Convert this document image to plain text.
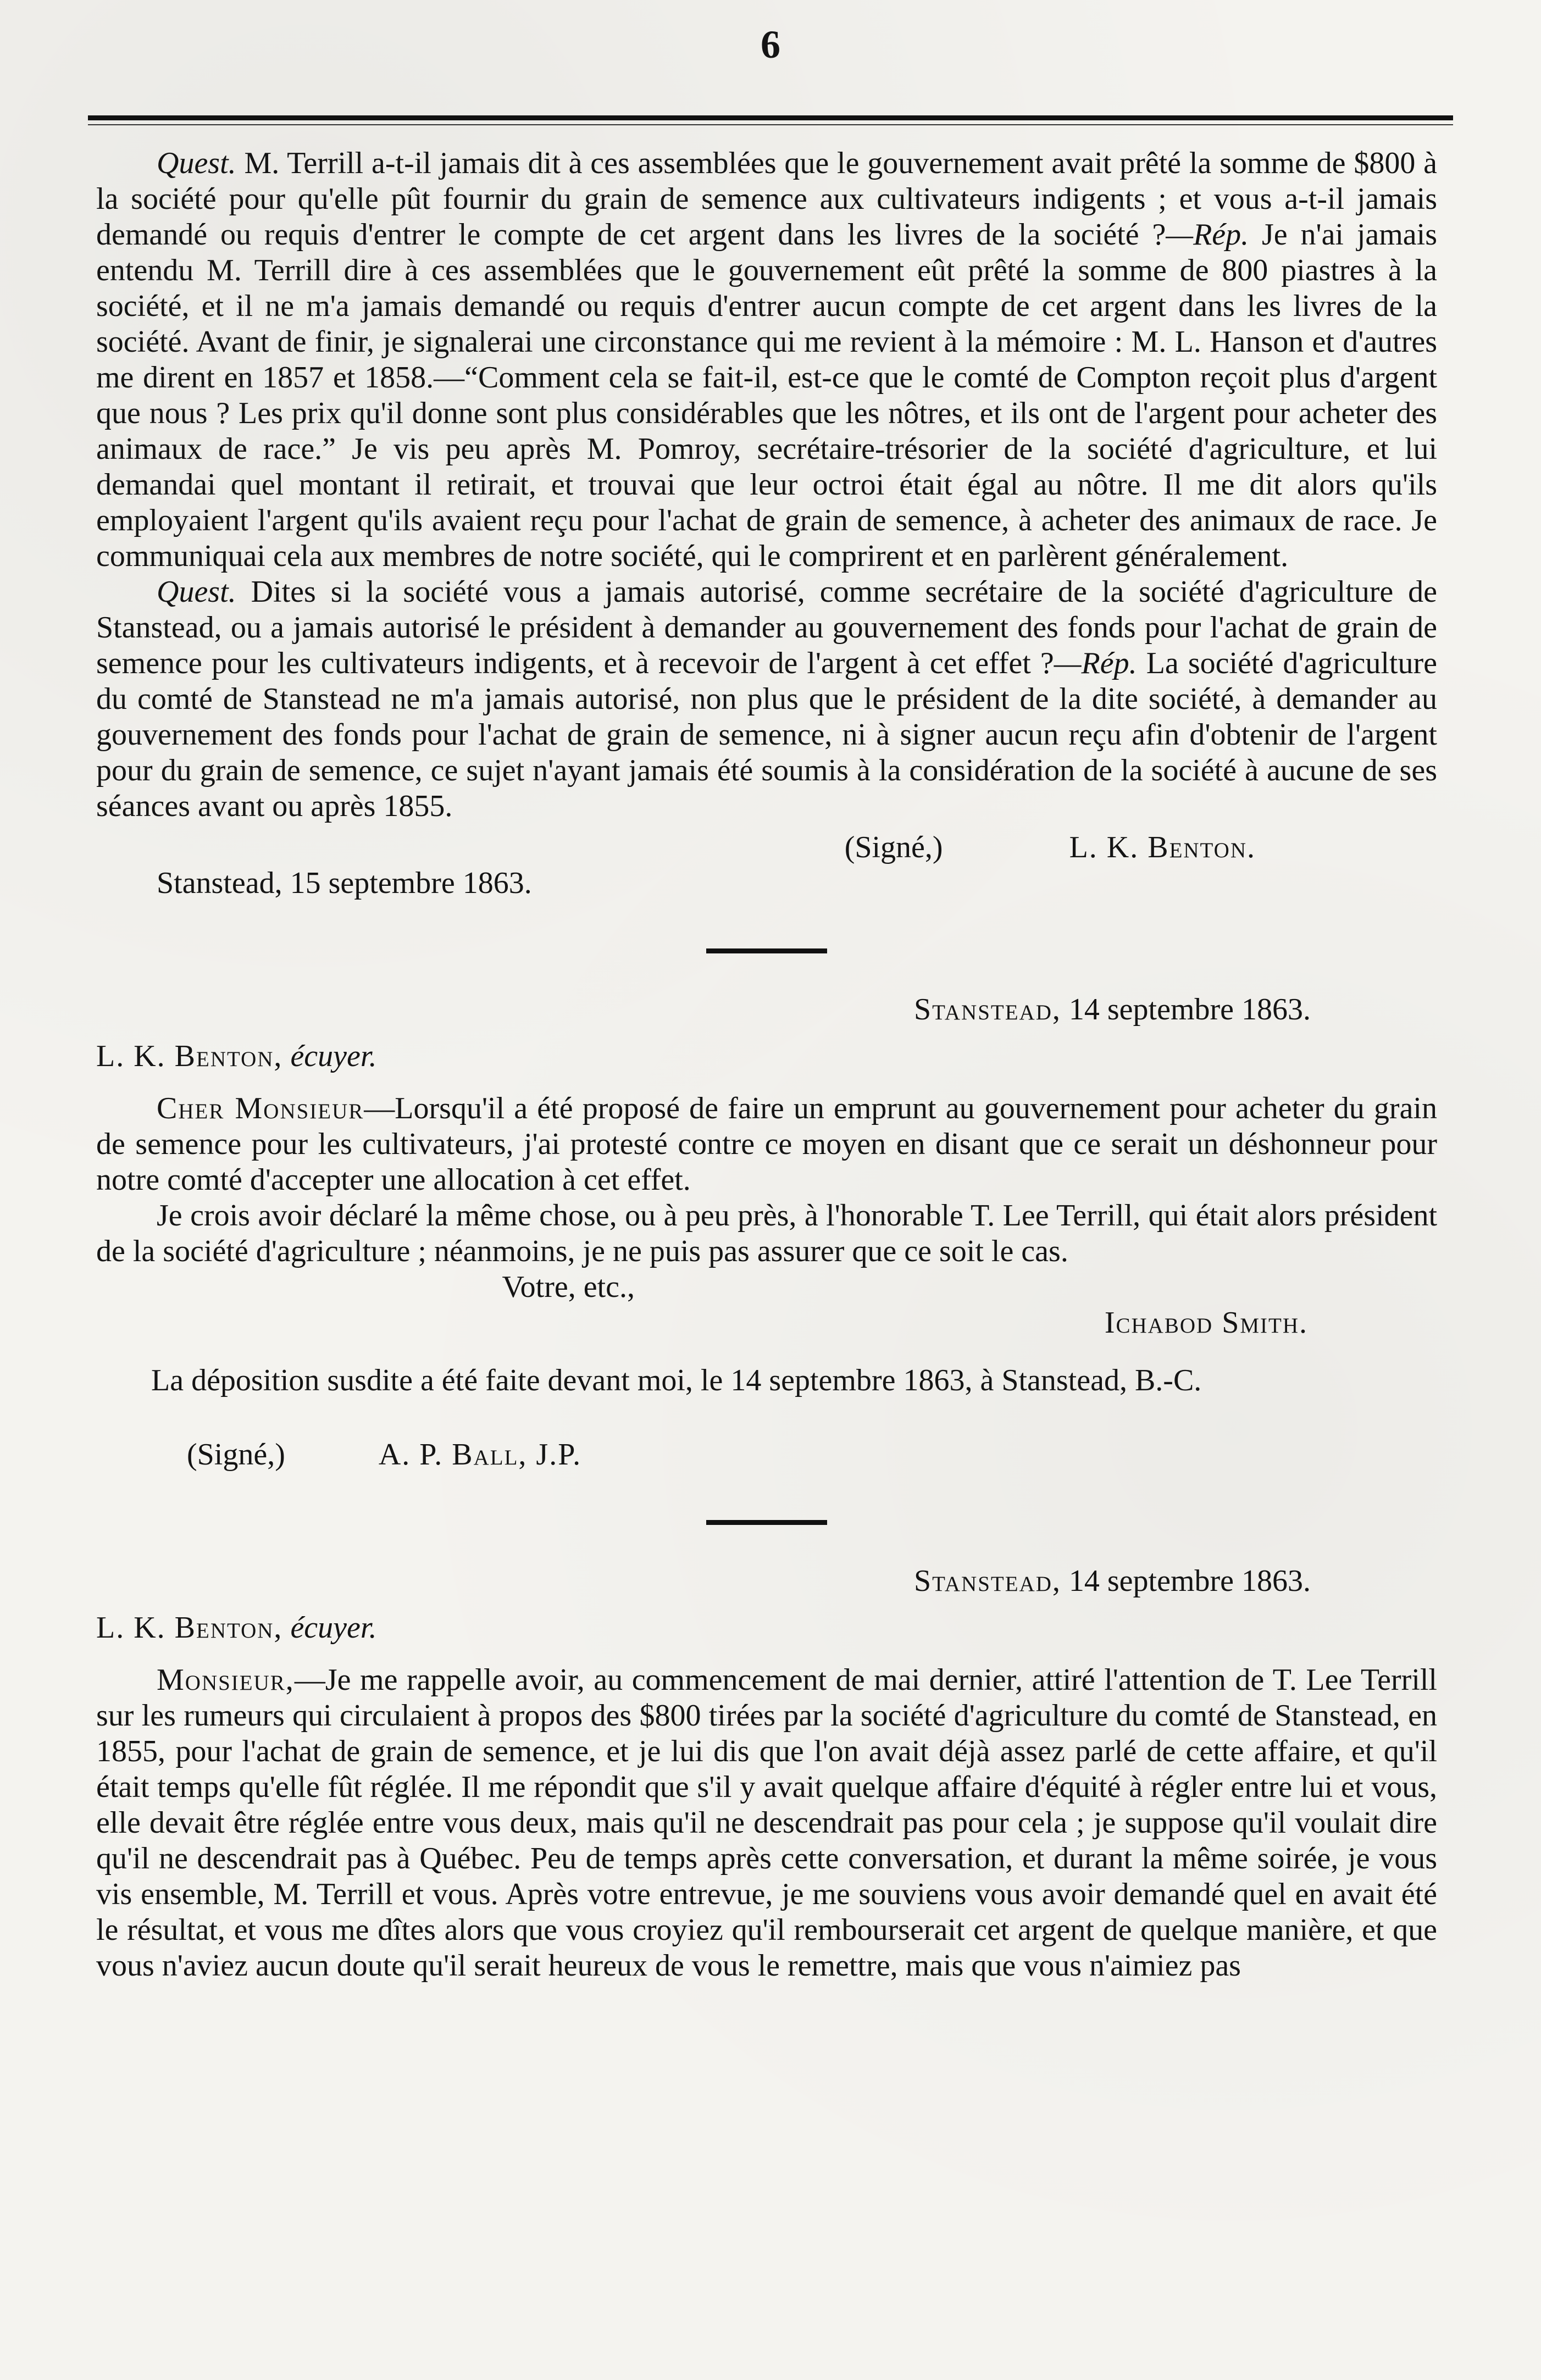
6

Quest. M. Terrill a-t-il jamais dit à ces assemblées que le gouvernement avait prêté la somme de $800 à la société pour qu'elle pût fournir du grain de semence aux cultivateurs indigents ; et vous a-t-il jamais demandé ou requis d'entrer le compte de cet argent dans les livres de la société ?—Rép. Je n'ai jamais entendu M. Terrill dire à ces assemblées que le gouvernement eût prêté la somme de 800 piastres à la société, et il ne m'a jamais demandé ou requis d'entrer aucun compte de cet argent dans les livres de la société. Avant de finir, je signalerai une circonstance qui me revient à la mémoire : M. L. Hanson et d'autres me dirent en 1857 et 1858.—“Comment cela se fait-il, est-ce que le comté de Compton reçoit plus d'argent que nous ? Les prix qu'il donne sont plus considérables que les nôtres, et ils ont de l'argent pour acheter des animaux de race.” Je vis peu après M. Pomroy, secrétaire-trésorier de la société d'agriculture, et lui demandai quel montant il retirait, et trouvai que leur octroi était égal au nôtre. Il me dit alors qu'ils employaient l'argent qu'ils avaient reçu pour l'achat de grain de semence, à acheter des animaux de race. Je communiquai cela aux membres de notre société, qui le comprirent et en parlèrent généralement.

Quest. Dites si la société vous a jamais autorisé, comme secrétaire de la société d'agriculture de Stanstead, ou a jamais autorisé le président à demander au gouvernement des fonds pour l'achat de grain de semence pour les cultivateurs indigents, et à recevoir de l'argent à cet effet ?—Rép. La société d'agriculture du comté de Stanstead ne m'a jamais autorisé, non plus que le président de la dite société, à demander au gouvernement des fonds pour l'achat de grain de semence, ni à signer aucun reçu afin d'obtenir de l'argent pour du grain de semence, ce sujet n'ayant jamais été soumis à la considération de la société à aucune de ses séances avant ou après 1855.

(Signé,)	L. K. Benton.

Stanstead, 15 septembre 1863.

Stanstead, 14 septembre 1863.

L. K. Benton, écuyer.

Cher Monsieur—Lorsqu'il a été proposé de faire un emprunt au gouvernement pour acheter du grain de semence pour les cultivateurs, j'ai protesté contre ce moyen en disant que ce serait un déshonneur pour notre comté d'accepter une allocation à cet effet.

Je crois avoir déclaré la même chose, ou à peu près, à l'honorable T. Lee Terrill, qui était alors président de la société d'agriculture ; néanmoins, je ne puis pas assurer que ce soit le cas.

Votre, etc.,

Ichabod Smith.

La déposition susdite a été faite devant moi, le 14 septembre 1863, à Stanstead, B.-C.

(Signé,)	A. P. Ball, J.P.

Stanstead, 14 septembre 1863.

L. K. Benton, écuyer.

Monsieur,—Je me rappelle avoir, au commencement de mai dernier, attiré l'attention de T. Lee Terrill sur les rumeurs qui circulaient à propos des $800 tirées par la société d'agriculture du comté de Stanstead, en 1855, pour l'achat de grain de semence, et je lui dis que l'on avait déjà assez parlé de cette affaire, et qu'il était temps qu'elle fût réglée. Il me répondit que s'il y avait quelque affaire d'équité à régler entre lui et vous, elle devait être réglée entre vous deux, mais qu'il ne descendrait pas pour cela ; je suppose qu'il voulait dire qu'il ne descendrait pas à Québec. Peu de temps après cette conversation, et durant la même soirée, je vous vis ensemble, M. Terrill et vous. Après votre entrevue, je me souviens vous avoir demandé quel en avait été le résultat, et vous me dîtes alors que vous croyiez qu'il rembourserait cet argent de quelque manière, et que vous n'aviez aucun doute qu'il serait heureux de vous le remettre, mais que vous n'aimiez pas
